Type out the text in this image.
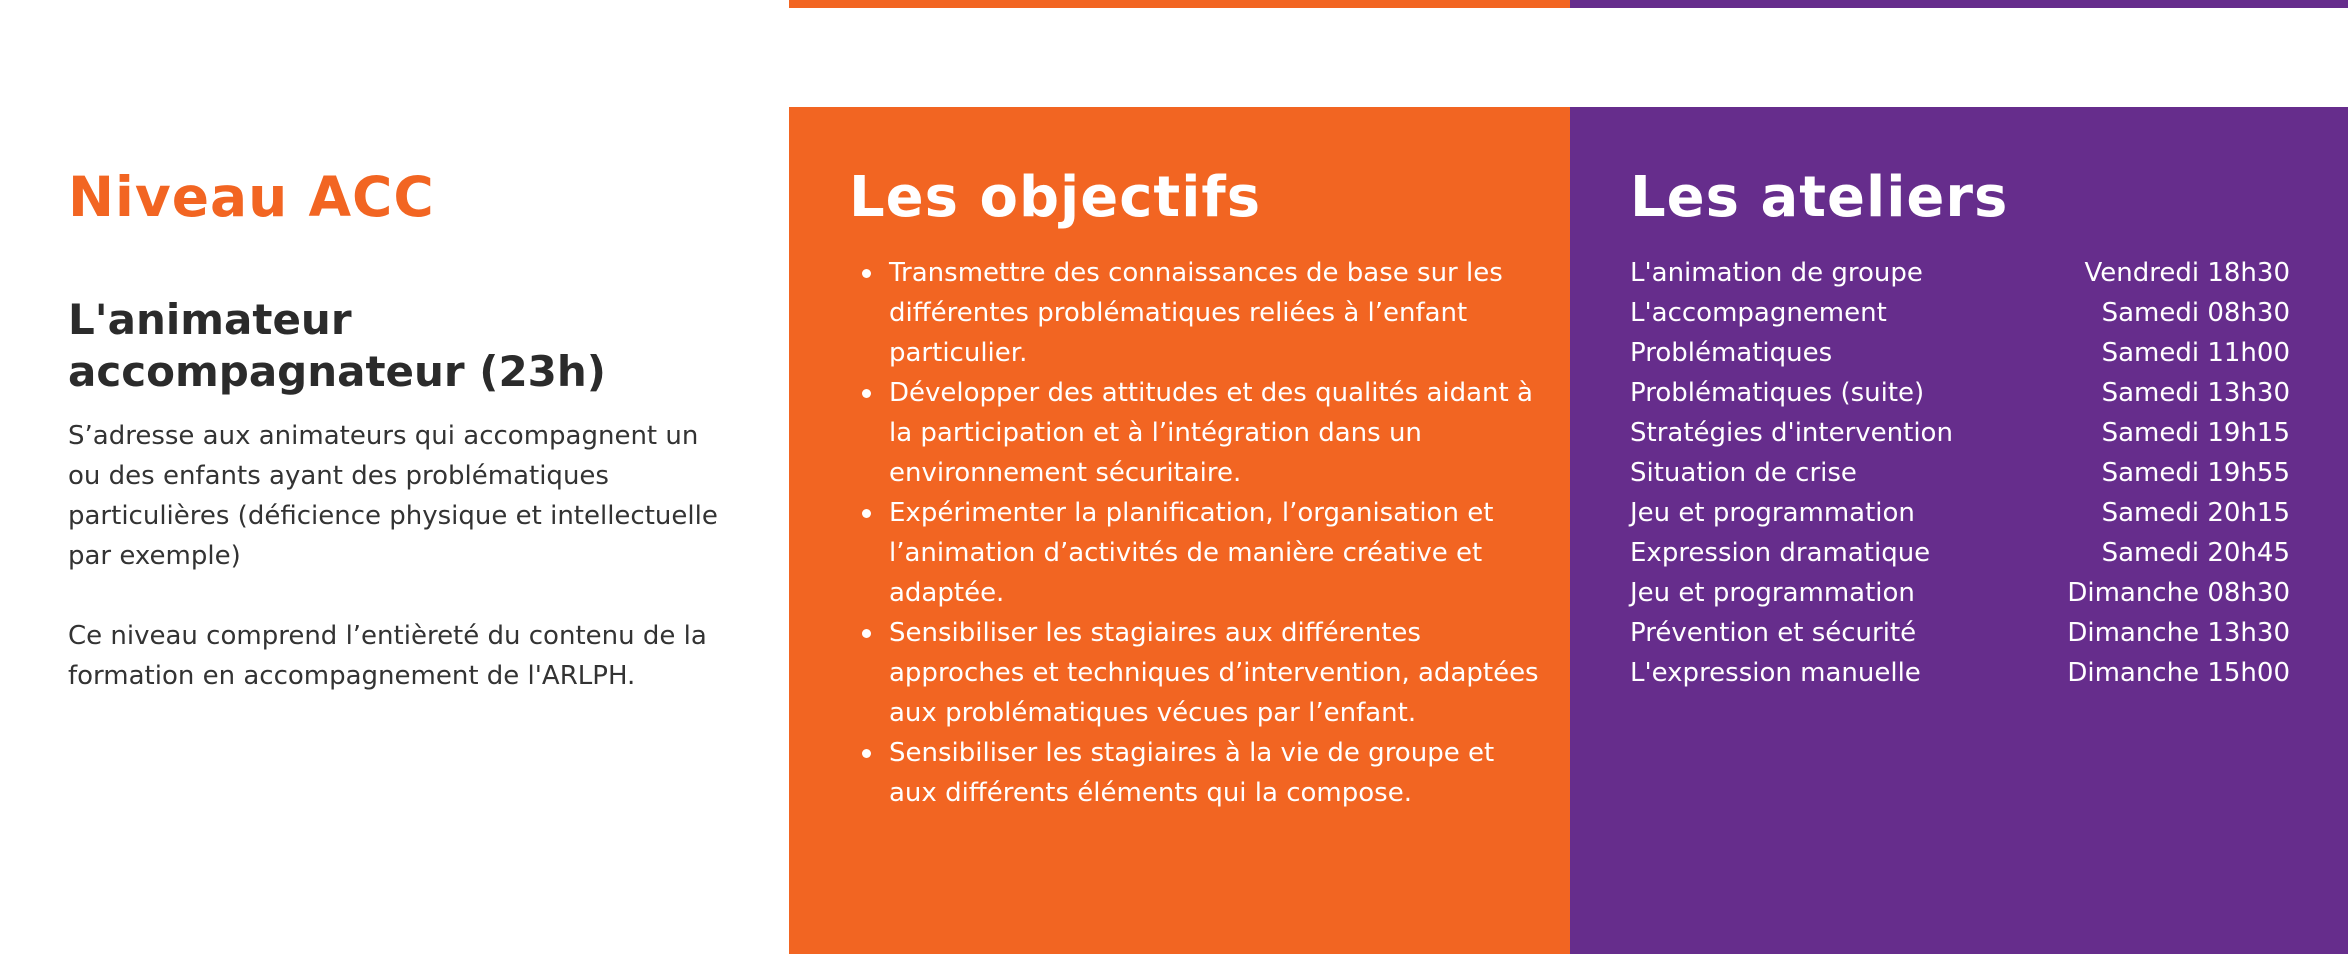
Niveau ACC
L'animateur accompagnateur (23h)

S’adresse aux animateurs qui accompagnent un ou des enfants ayant des problématiques particulières (déficience physique et intellectuelle par exemple)

Ce niveau comprend l’entièreté du contenu de la formation en accompagnement de l'ARLPH.

Les objectifs
Transmettre des connaissances de base sur les différentes problématiques reliées à l’enfant particulier.
Développer des attitudes et des qualités aidant à la participation et à l’intégration dans un environnement sécuritaire.
Expérimenter la planification, l’organisation et l’animation d’activités de manière créative et adaptée.
Sensibiliser les stagiaires aux différentes approches et techniques d’intervention, adaptées aux problématiques vécues par l’enfant.
Sensibiliser les stagiaires à la vie de groupe et aux différents éléments qui la compose.
Les ateliers
L'animation de groupe	Vendredi 18h30
L'accompagnement	Samedi 08h30
Problématiques	Samedi 11h00
Problématiques (suite)	Samedi 13h30
Stratégies d'intervention	Samedi 19h15
Situation de crise	Samedi 19h55
Jeu et programmation	Samedi 20h15
Expression dramatique	Samedi 20h45
Jeu et programmation	Dimanche 08h30
Prévention et sécurité	Dimanche 13h30
L'expression manuelle	Dimanche 15h00
